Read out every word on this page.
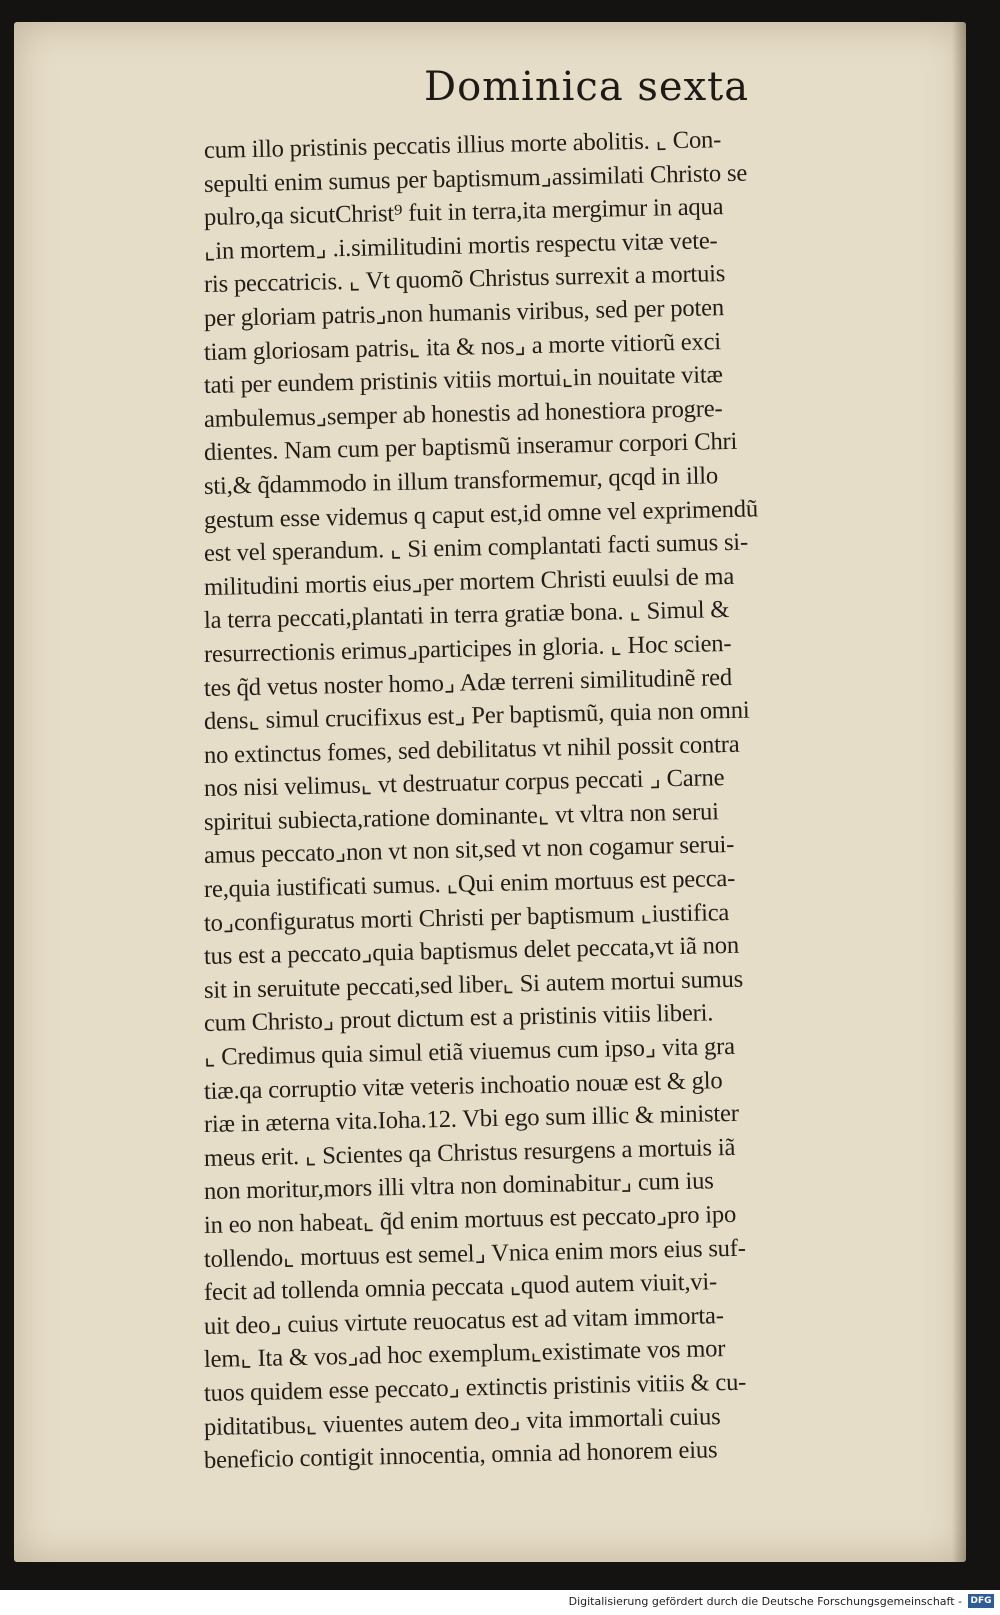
Dominica sexta
cum illo pristinis peccatis illius morte abolitis. ⌞ Con-
sepulti enim sumus per baptismum⌟assimilati Christo se
pulro,qa sicutChrist⁹ fuit in terra,ita mergimur in aqua
⌞in mortem⌟ .i.similitudini mortis respectu vitæ vete-
ris peccatricis. ⌞ Vt quomõ Christus surrexit a mortuis
per gloriam patris⌟non humanis viribus, sed per poten
tiam gloriosam patris⌞ ita & nos⌟ a morte vitiorũ exci
tati per eundem pristinis vitiis mortui⌞in nouitate vitæ
ambulemus⌟semper ab honestis ad honestiora progre-
dientes. Nam cum per baptismũ inseramur corpori Chri
sti,& q̃dammodo in illum transformemur, qcqd in illo
gestum esse videmus q caput est,id omne vel exprimendũ
est vel sperandum. ⌞ Si enim complantati facti sumus si-
militudini mortis eius⌟per mortem Christi euulsi de ma
la terra peccati,plantati in terra gratiæ bona. ⌞ Simul &
resurrectionis erimus⌟participes in gloria. ⌞ Hoc scien-
tes q̃d vetus noster homo⌟ Adæ terreni similitudinẽ red
dens⌞ simul crucifixus est⌟ Per baptismũ, quia non omni
no extinctus fomes, sed debilitatus vt nihil possit contra
nos nisi velimus⌞ vt destruatur corpus peccati ⌟ Carne
spiritui subiecta,ratione dominante⌞ vt vltra non serui
amus peccato⌟non vt non sit,sed vt non cogamur serui-
re,quia iustificati sumus. ⌞Qui enim mortuus est pecca-
to⌟configuratus morti Christi per baptismum ⌞iustifica
tus est a peccato⌟quia baptismus delet peccata,vt iã non
sit in seruitute peccati,sed liber⌞ Si autem mortui sumus
cum Christo⌟ prout dictum est a pristinis vitiis liberi.
⌞ Credimus quia simul etiã viuemus cum ipso⌟ vita gra
tiæ.qa corruptio vitæ veteris inchoatio nouæ est & glo
riæ in æterna vita.Ioha.12. Vbi ego sum illic & minister
meus erit. ⌞ Scientes qa Christus resurgens a mortuis iã
non moritur,mors illi vltra non dominabitur⌟ cum ius
in eo non habeat⌞ q̃d enim mortuus est peccato⌟pro ipo
tollendo⌞ mortuus est semel⌟ Vnica enim mors eius suf-
fecit ad tollenda omnia peccata ⌞quod autem viuit,vi-
uit deo⌟ cuius virtute reuocatus est ad vitam immorta-
lem⌞ Ita & vos⌟ad hoc exemplum⌞existimate vos mor
tuos quidem esse peccato⌟ extinctis pristinis vitiis & cu-
piditatibus⌞ viuentes autem deo⌟ vita immortali cuius
beneficio contigit innocentia, omnia ad honorem eius
Digitalisierung gefördert durch die Deutsche Forschungsgemeinschaft - DFG
